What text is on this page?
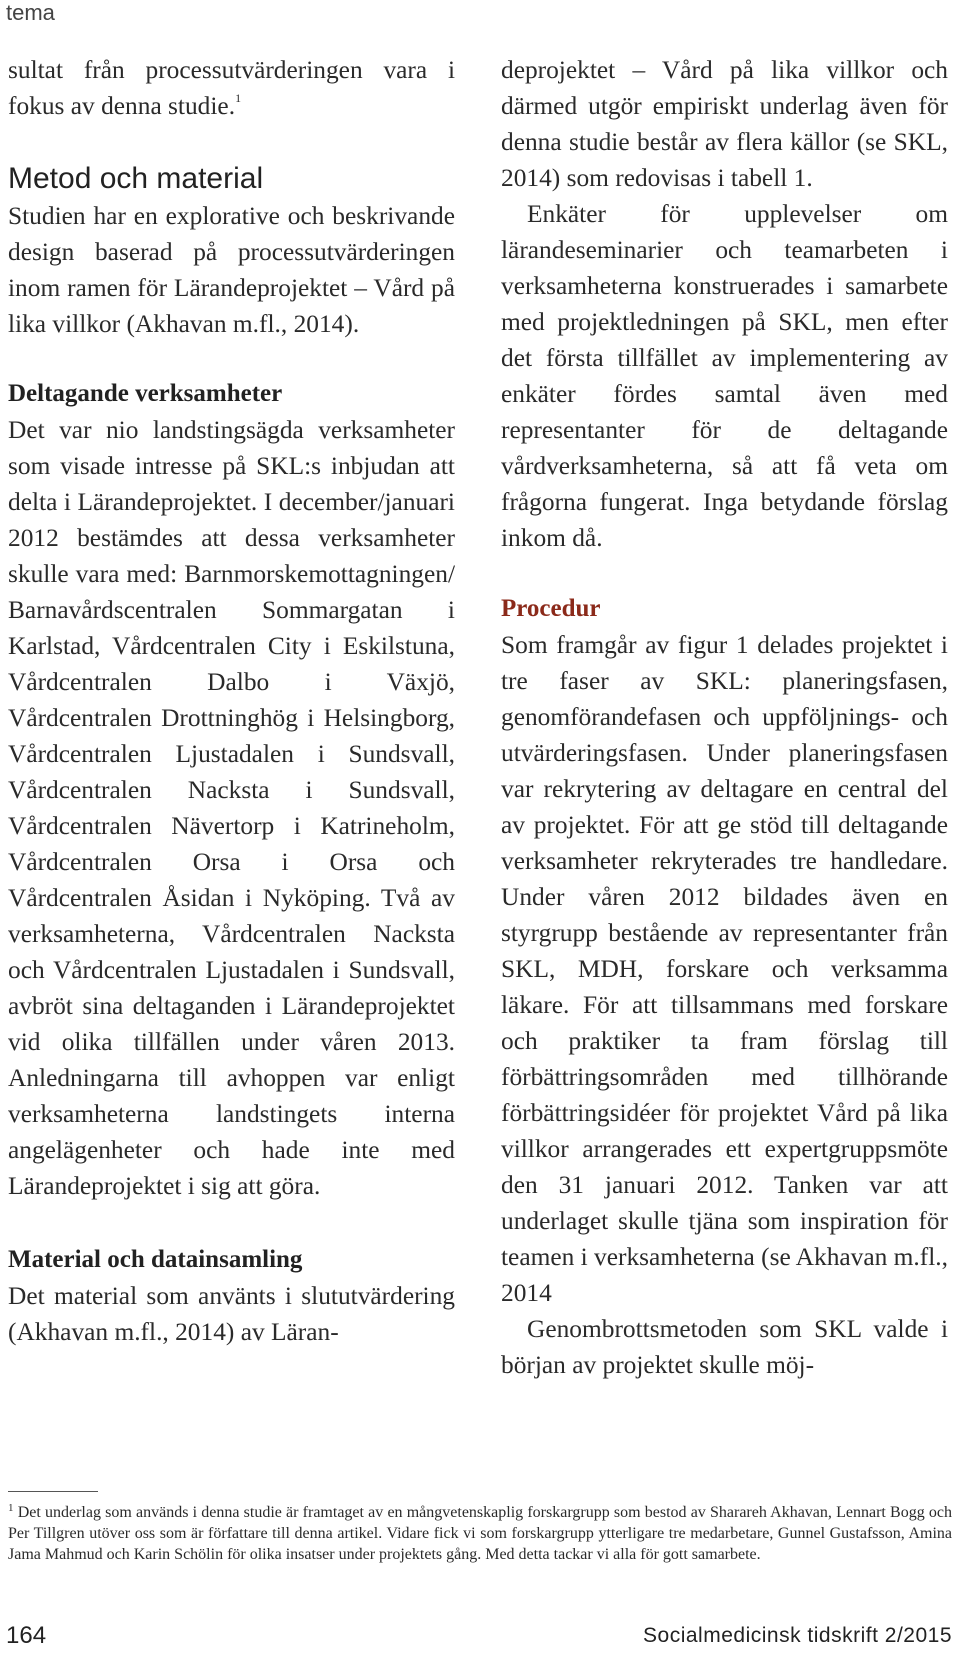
tema

sultat från processutvärderingen vara i fokus av denna studie.$^1$

Metod och material

Studien har en explorative och beskrivande design baserad på processutvärderingen inom ramen för Lärandeprojektet – Vård på lika villkor (Akhavan m.fl., 2014).

Deltagande verksamheter

Det var nio landstingsägda verksamheter som visade intresse på SKL:s inbjudan att delta i Lärandeprojektet. I december/januari 2012 bestämdes att dessa verksamheter skulle vara med: Barnmorskemottagningen/ Barnavårdscentralen Sommargatan i Karlstad, Vårdcentralen City i Eskilstuna, Vårdcentralen Dalbo i Växjö, Vårdcentralen Drottninghög i Helsingborg, Vårdcentralen Ljustadalen i Sundsvall, Vårdcentralen Nacksta i Sundsvall, Vårdcentralen Nävertorp i Katrineholm, Vårdcentralen Orsa i Orsa och Vårdcentralen Åsidan i Nyköping. Två av verksamheterna, Vårdcentralen Nacksta och Vårdcentralen Ljustadalen i Sundsvall, avbröt sina deltaganden i Lärandeprojektet vid olika tillfällen under våren 2013. Anledningarna till avhoppen var enligt verksamheterna landstingets interna angelägenheter och hade inte med Lärandeprojektet i sig att göra.

Material och datainsamling

Det material som använts i slututvärdering (Akhavan m.fl., 2014) av Läran-

deprojektet – Vård på lika villkor och därmed utgör empiriskt underlag även för denna studie består av flera källor (se SKL, 2014) som redovisas i tabell 1.

Enkäter för upplevelser om lärandeseminarier och teamarbeten i verksamheterna konstruerades i samarbete med projektledningen på SKL, men efter det första tillfället av implementering av enkäter fördes samtal även med representanter för de deltagande vårdverksamheterna, så att få veta om frågorna fungerat. Inga betydande förslag inkom då.

Procedur

Som framgår av figur 1 delades projektet i tre faser av SKL: planeringsfasen, genomförandefasen och uppföljnings- och utvärderingsfasen. Under planeringsfasen var rekrytering av deltagare en central del av projektet. För att ge stöd till deltagande verksamheter rekryterades tre handledare. Under våren 2012 bildades även en styrgrupp bestående av representanter från SKL, MDH, forskare och verksamma läkare. För att tillsammans med forskare och praktiker ta fram förslag till förbättringsområden med tillhörande förbättringsidéer för projektet Vård på lika villkor arrangerades ett expertgruppsmöte den 31 januari 2012. Tanken var att underlaget skulle tjäna som inspiration för teamen i verksamheterna (se Akhavan m.fl., 2014

Genombrottsmetoden som SKL valde i början av projektet skulle möj-

$^1$ Det underlag som används i denna studie är framtaget av en mångvetenskaplig forskargrupp som bestod av Sharareh Akhavan, Lennart Bogg och Per Tillgren utöver oss som är författare till denna artikel. Vidare fick vi som forskargrupp ytterligare tre medarbetare, Gunnel Gustafsson, Amina Jama Mahmud och Karin Schölin för olika insatser under projektets gång. Med detta tackar vi alla för gott samarbete.
164	Socialmedicinsk tidskrift 2/2015
